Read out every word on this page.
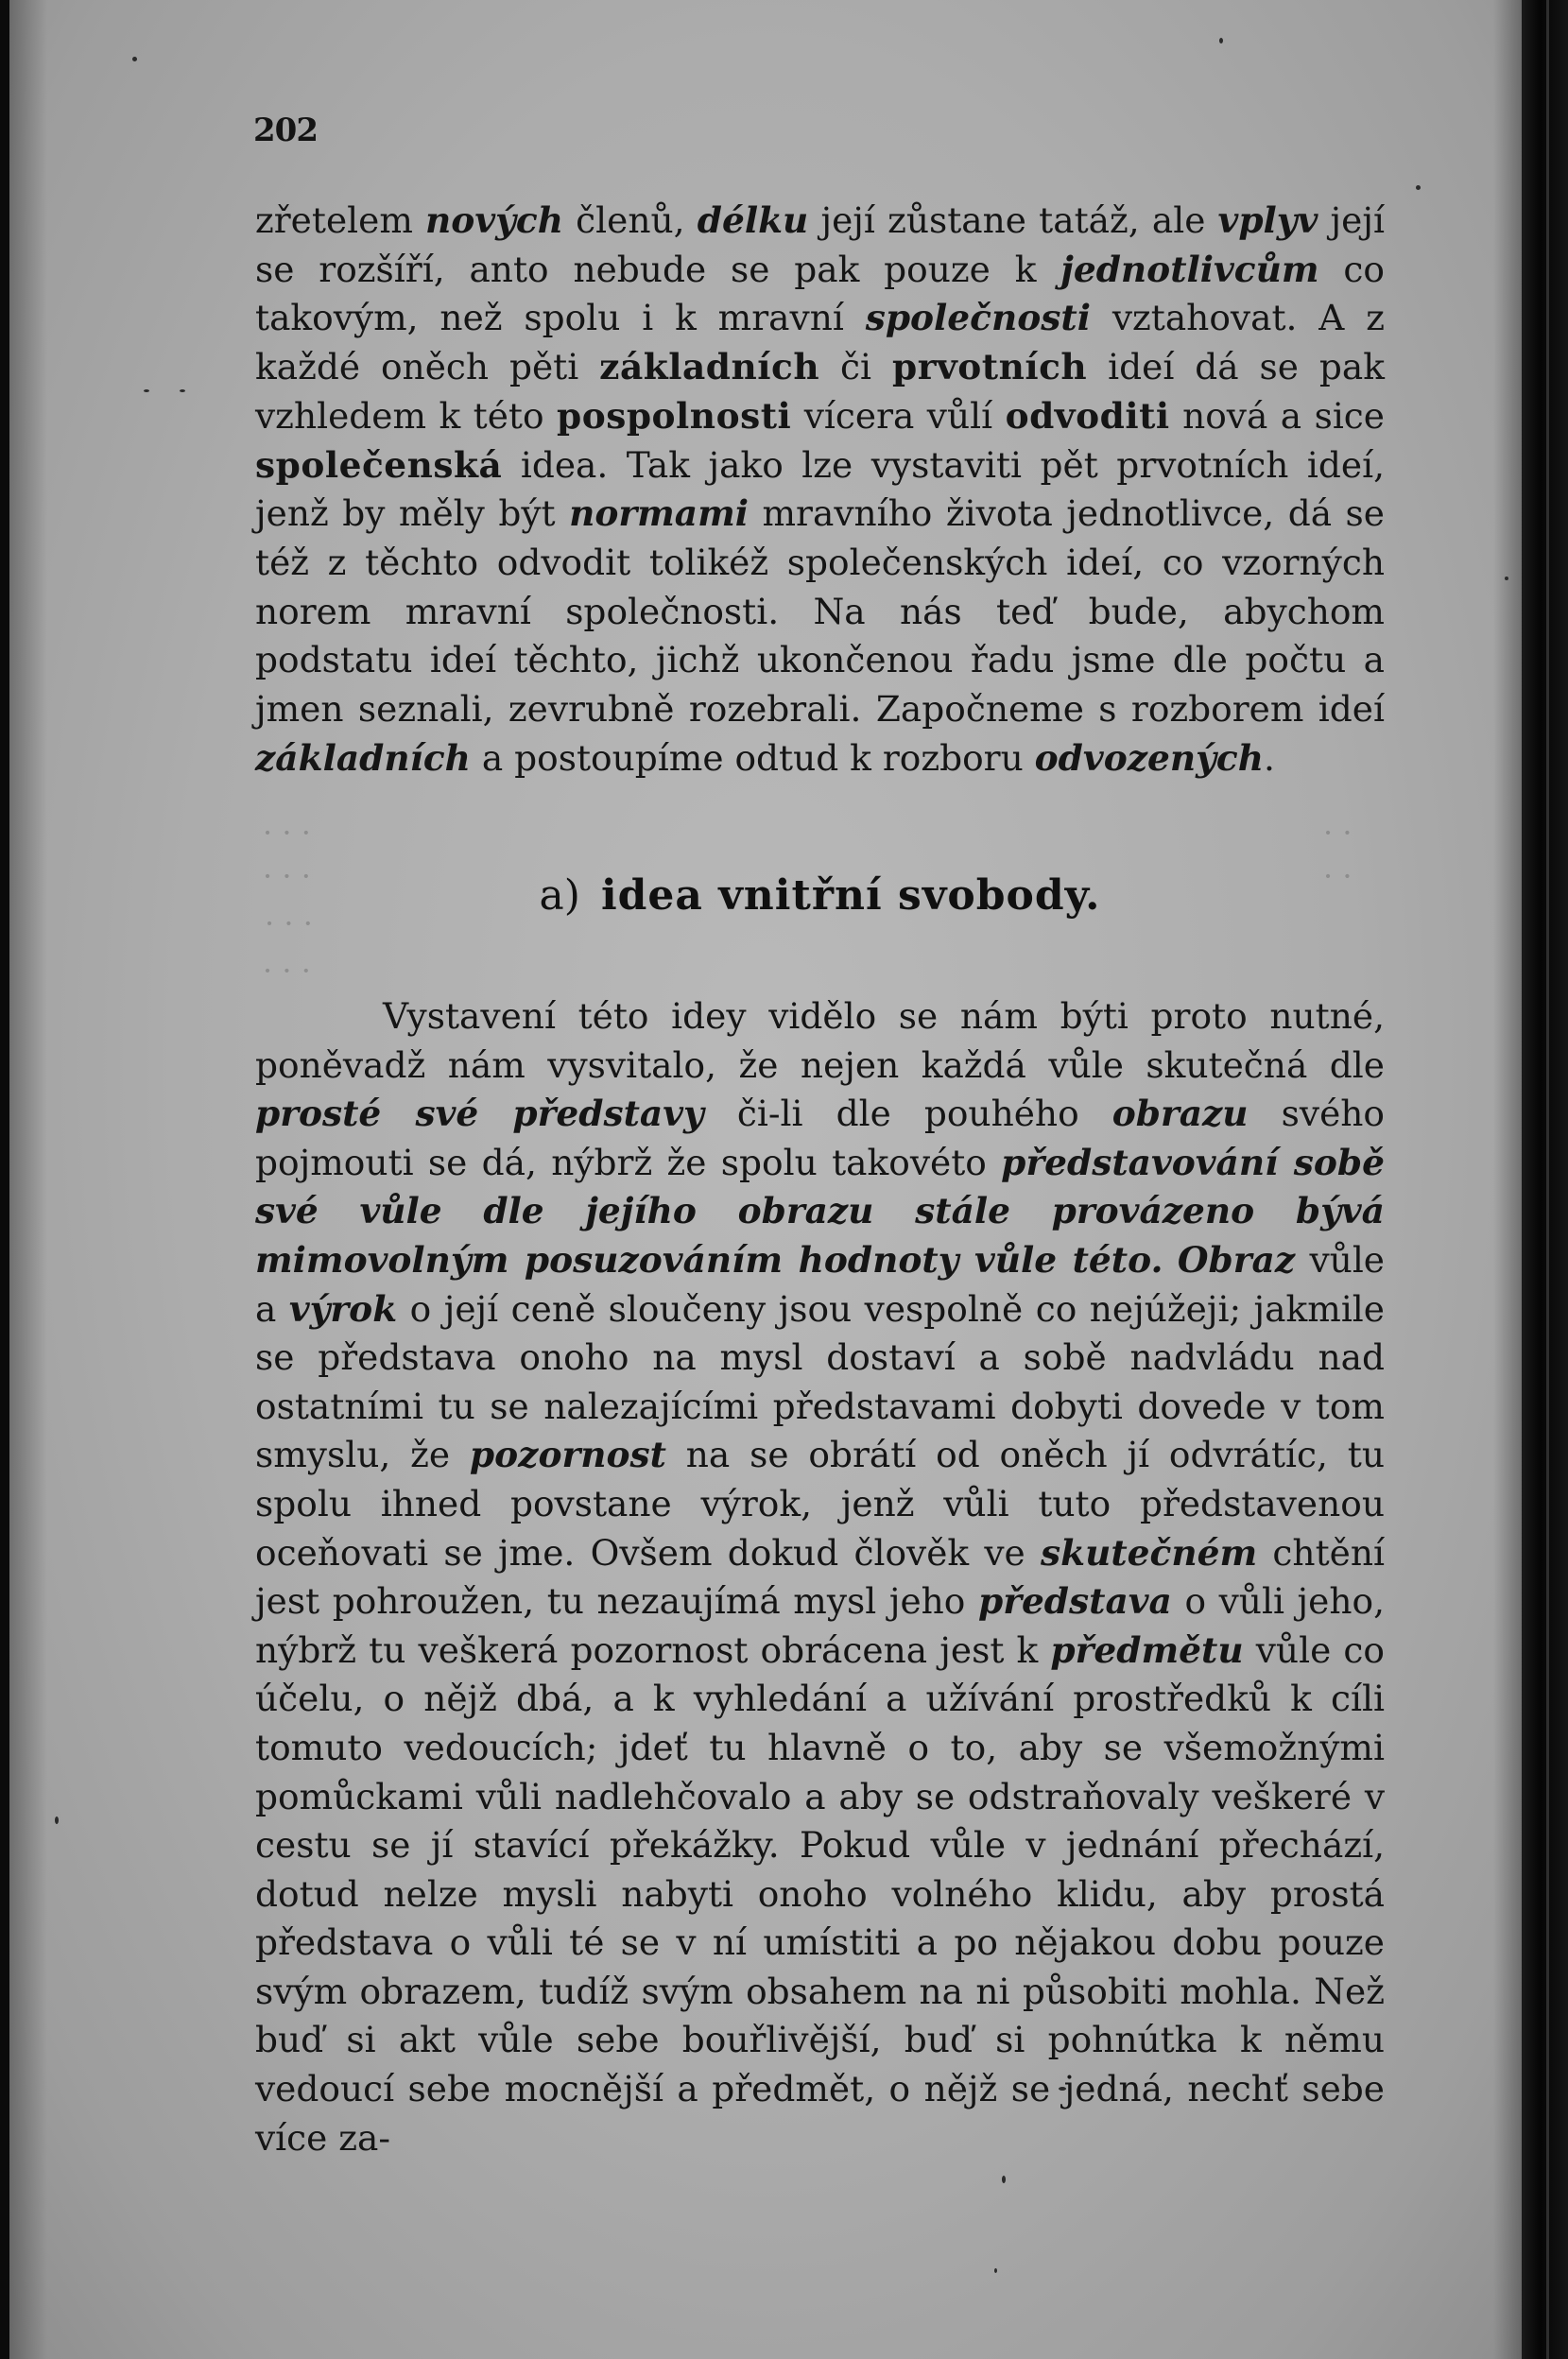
· · ·
· · ·
· · ·
· · ·
· ·
· ·
202

zřetelem nových členů, délku její zůstane tatáž, ale vplyv její se rozšíří, anto nebude se pak pouze k jednotlivcům co takovým, než spolu i k mravní společnosti vztahovat. A z každé oněch pěti základních či prvotních ideí dá se pak vzhledem k této pospolnosti vícera vůlí odvoditi nová a sice společenská idea. Tak jako lze vystaviti pět prvotních ideí, jenž by měly být normami mravního života jednotlivce, dá se též z těchto odvodit tolikéž společenských ideí, co vzorných norem mravní společnosti. Na nás teď bude, abychom podstatu ideí těchto, jichž ukončenou řadu jsme dle počtu a jmen seznali, zevrubně rozebrali. Započneme s rozborem ideí základních a postoupíme odtud k rozboru odvozených.

a) idea vnitřní svobody.

Vystavení této idey vidělo se nám býti proto nutné, poněvadž nám vysvitalo, že nejen každá vůle skutečná dle prosté své představy či-li dle pouhého obrazu svého pojmouti se dá, nýbrž že spolu takovéto představování sobě své vůle dle jejího obrazu stále provázeno bývá mimovolným posuzováním hodnoty vůle této. Obraz vůle a výrok o její ceně sloučeny jsou vespolně co nejúžeji; jakmile se představa onoho na mysl dostaví a sobě nadvládu nad ostatními tu se nalezajícími představami dobyti dovede v tom smyslu, že pozornost na se obrátí od oněch jí odvrátíc, tu spolu ihned povstane výrok, jenž vůli tuto představenou oceňovati se jme. Ovšem dokud člověk ve skutečném chtění jest pohroužen, tu nezaujímá mysl jeho představa o vůli jeho, nýbrž tu veškerá pozornost obrácena jest k předmětu vůle co účelu, o nějž dbá, a k vyhledání a užívání prostředků k cíli tomuto vedoucích; jdeť tu hlavně o to, aby se všemožnými pomůckami vůli nadlehčovalo a aby se odstraňovaly veškeré v cestu se jí stavící překážky. Pokud vůle v jednání přechází, dotud nelze mysli nabyti onoho volného klidu, aby prostá představa o vůli té se v ní umístiti a po nějakou dobu pouze svým obrazem, tudíž svým obsahem na ni působiti mohla. Než buď si akt vůle sebe bouřlivější, buď si pohnútka k němu vedoucí sebe mocnější a předmět, o nějž se jedná, nechť sebe více za-
